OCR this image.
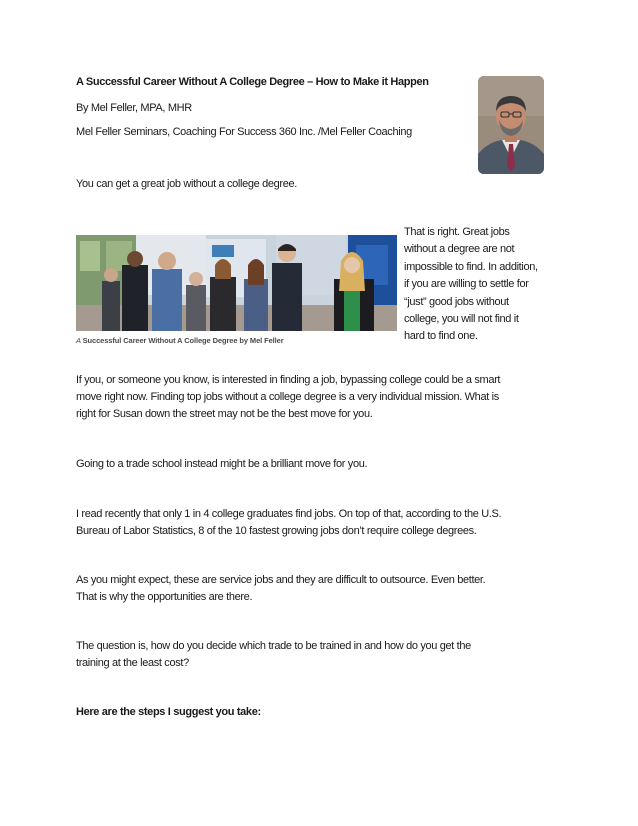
A Successful Career Without A College Degree – How to Make it Happen
By Mel Feller, MPA, MHR
Mel Feller Seminars, Coaching For Success 360 Inc. /Mel Feller Coaching
You can get a great job without a college degree.
A Successful Career Without A College Degree by Mel Feller
That is right. Great jobs
without a degree are not
impossible to find. In addition,
if you are willing to settle for
“just” good jobs without
college, you will not find it
hard to find one.
If you, or someone you know, is interested in finding a job, bypassing college could be a smart
move right now. Finding top jobs without a college degree is a very individual mission. What is
right for Susan down the street may not be the best move for you.
Going to a trade school instead might be a brilliant move for you.
I read recently that only 1 in 4 college graduates find jobs. On top of that, according to the U.S.
Bureau of Labor Statistics, 8 of the 10 fastest growing jobs don’t require college degrees.
As you might expect, these are service jobs and they are difficult to outsource. Even better.
That is why the opportunities are there.
The question is, how do you decide which trade to be trained in and how do you get the
training at the least cost?
Here are the steps I suggest you take:
